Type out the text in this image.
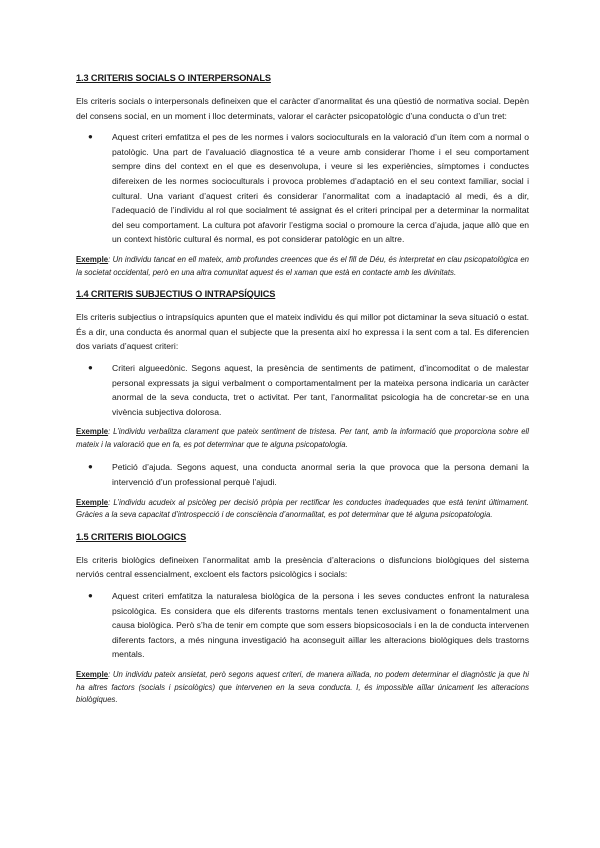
1.3 CRITERIS SOCIALS O INTERPERSONALS

Els criteris socials o interpersonals defineixen que el caràcter d’anormalitat és una qüestió de normativa social. Depèn del consens social, en un moment i lloc determinats, valorar el caràcter psicopatològic d’una conducta o d’un tret:

●	Aquest criteri emfatitza el pes de les normes i valors socioculturals en la valoració d’un ítem com a normal o patològic. Una part de l’avaluació diagnostica té a veure amb considerar l’home i el seu comportament sempre dins del context en el que es desenvolupa, i veure si les experiències, símptomes i conductes difereixen de les normes socioculturals i provoca problemes d’adaptació en el seu context familiar, social i cultural. Una variant d’aquest criteri és considerar l’anormalitat com a inadaptació al medi, és a dir, l’adequació de l’individu al rol que socialment té assignat és el criteri principal per a determinar la normalitat del seu comportament. La cultura pot afavorir l’estigma social o promoure la cerca d’ajuda, jaque allò que en un context històric cultural és normal, es pot considerar patològic en un altre.

Exemple: Un individu tancat en ell mateix, amb profundes creences que és el fill de Déu, és interpretat en clau psicopatològica en la societat occidental, però en una altra comunitat aquest és el xaman que està en contacte amb les divinitats.

1.4 CRITERIS SUBJECTIUS O INTRAPSÍQUICS

Els criteris subjectius o intrapsíquics apunten que el mateix individu és qui millor pot dictaminar la seva situació o estat. És a dir, una conducta és anormal quan el subjecte que la presenta així ho expressa i la sent com a tal. Es diferencien dos variats d’aquest criteri:

●	Criteri algueedònic. Segons aquest, la presència de sentiments de patiment, d’incomoditat o de malestar personal expressats ja sigui verbalment o comportamentalment per la mateixa persona indicaria un caràcter anormal de la seva conducta, tret o activitat. Per tant, l’anormalitat psicologia ha de concretar-se en una vivència subjectiva dolorosa.

Exemple: L’individu verbalitza clarament que pateix sentiment de tristesa. Per tant, amb la informació que proporciona sobre ell mateix i la valoració que en fa, es pot determinar que te alguna psicopatologia.

●	Petició d’ajuda. Segons aquest, una conducta anormal seria la que provoca que la persona demani la intervenció d’un professional perquè l’ajudi.

Exemple: L’individu acudeix al psicòleg per decisió pròpia per rectificar les conductes inadequades que està tenint últimament. Gràcies a la seva capacitat d’introspecció i de consciència d’anormalitat, es pot determinar que té alguna psicopatologia.

1.5 CRITERIS BIOLOGICS

Els criteris biològics defineixen l’anormalitat amb la presència d’alteracions o disfuncions biològiques del sistema nerviós central essencialment, excloent els factors psicològics i socials:

●	Aquest criteri emfatitza la naturalesa biològica de la persona i les seves conductes enfront la naturalesa psicològica. Es considera que els diferents trastorns mentals tenen exclusivament o fonamentalment una causa biològica. Però s’ha de tenir em compte que som essers biopsicosocials i en la de conducta intervenen diferents factors, a més ninguna investigació ha aconseguit aïllar les alteracions biològiques dels trastorns mentals.

Exemple: Un individu pateix ansietat, però segons aquest criteri, de manera aïllada, no podem determinar el diagnòstic ja que hi ha altres factors (socials i psicològics) que intervenen en la seva conducta. I, és impossible aïllar únicament les alteracions biològiques.
